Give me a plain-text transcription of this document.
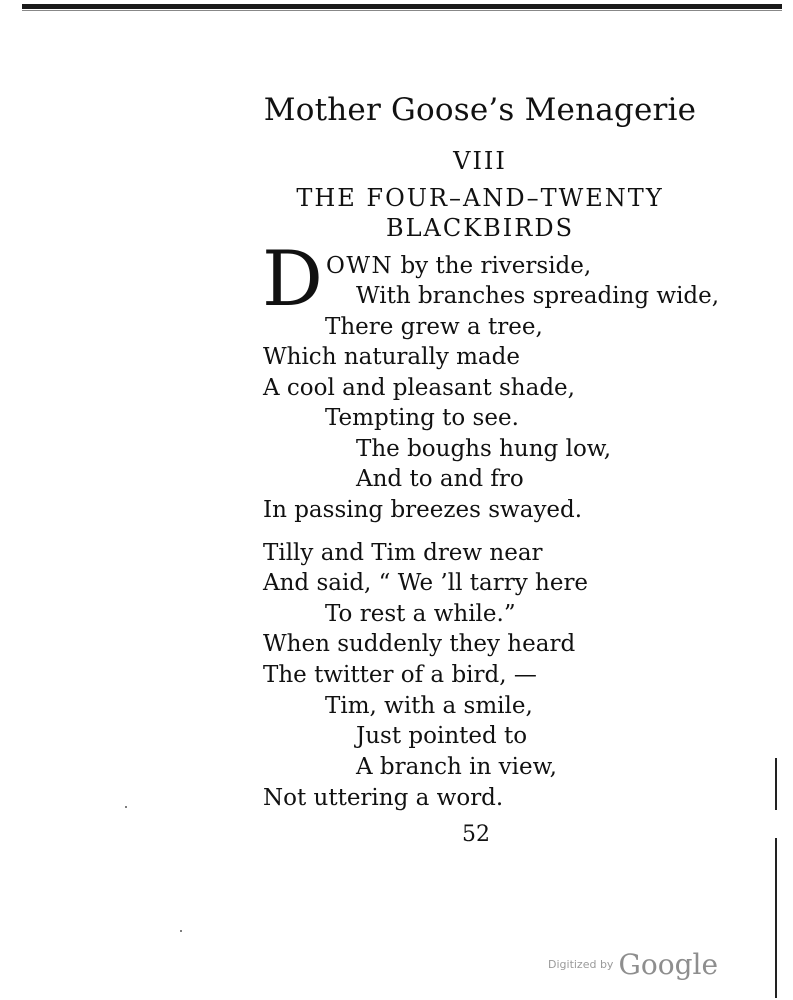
Mother Goose’s Menagerie
VIII
THE FOUR–AND–TWENTY
BLACKBIRDS
D OWN by the riverside,
With branches spreading wide,
There grew a tree,
Which naturally made
A cool and pleasant shade,
Tempting to see.
The boughs hung low,
And to and fro
In passing breezes swayed.
Tilly and Tim drew near
And said, “ We ’ll tarry here
To rest a while.”
When suddenly they heard
The twitter of a bird, —
Tim, with a smile,
Just pointed to
A branch in view,
Not uttering a word.
52
Digitized by Google
